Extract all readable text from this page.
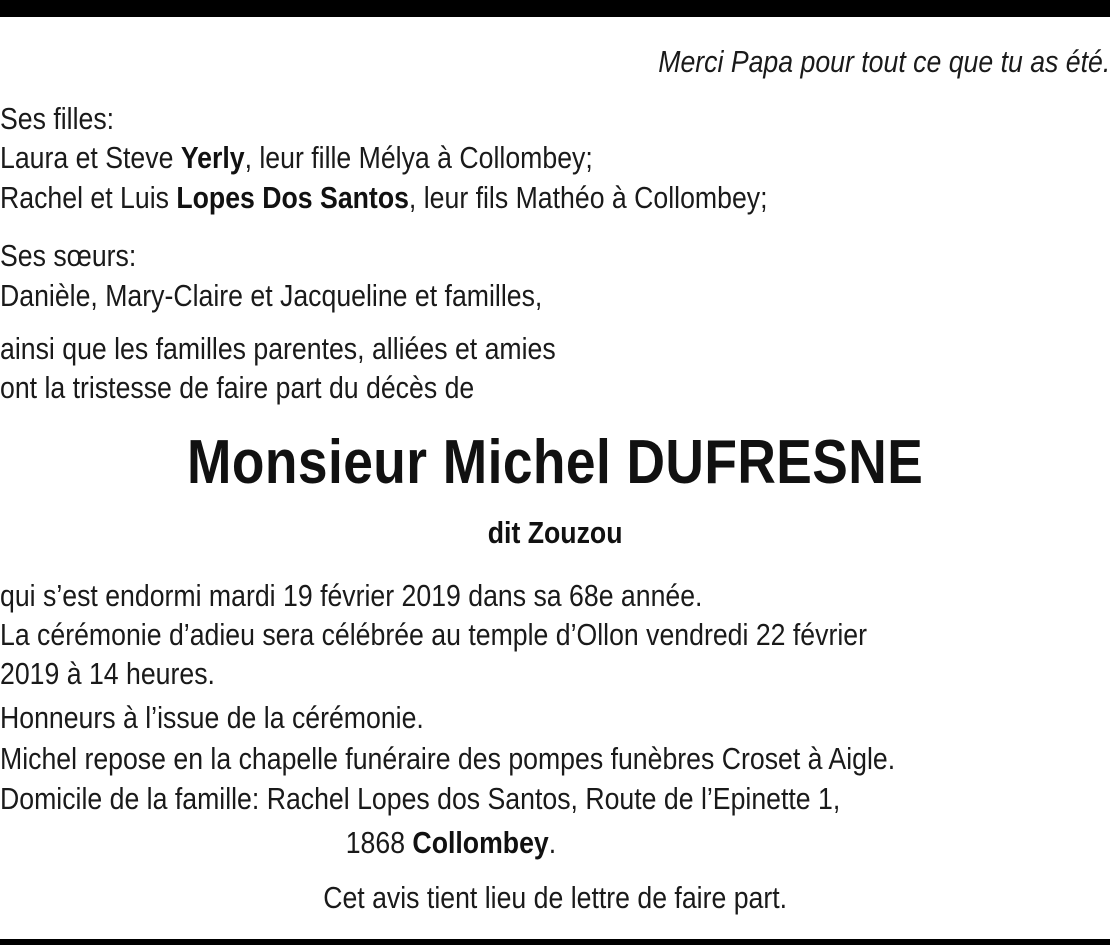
Merci Papa pour tout ce que tu as été.
Ses filles:
Laura et Steve Yerly, leur fille Mélya à Collombey;
Rachel et Luis Lopes Dos Santos, leur fils Mathéo à Collombey;
Ses sœurs:
Danièle, Mary-Claire et Jacqueline et familles,
ainsi que les familles parentes, alliées et amies
ont la tristesse de faire part du décès de
Monsieur Michel DUFRESNE
dit Zouzou
qui s’est endormi mardi 19 février 2019 dans sa 68e année.
La cérémonie d’adieu sera célébrée au temple d’Ollon vendredi 22 février
2019 à 14 heures.
Honneurs à l’issue de la cérémonie.
Michel repose en la chapelle funéraire des pompes funèbres Croset à Aigle.
Domicile de la famille: Rachel Lopes dos Santos, Route de l’Epinette 1,
1868 Collombey.
Cet avis tient lieu de lettre de faire part.
